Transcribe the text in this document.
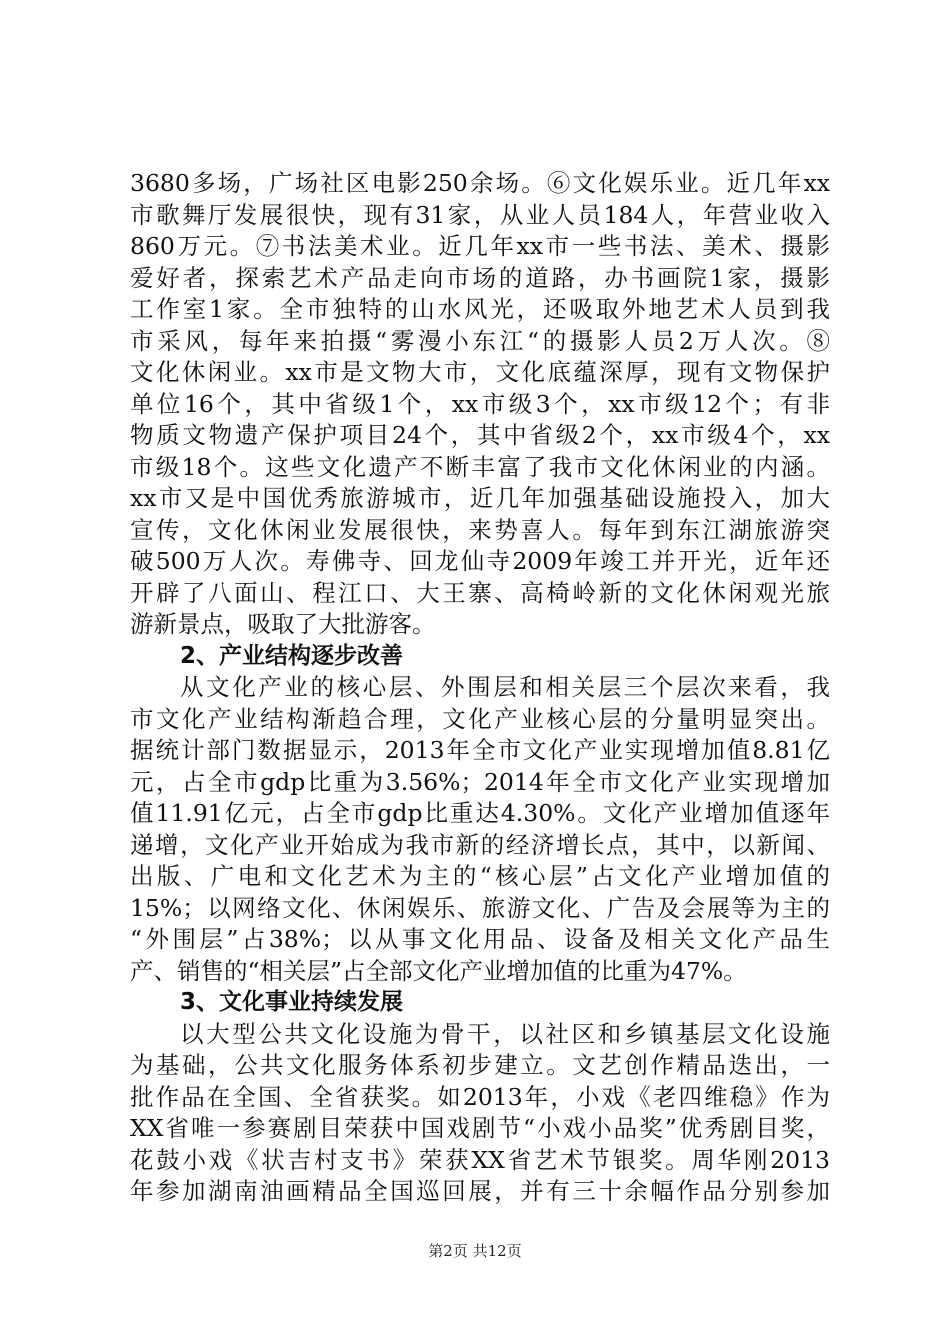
3680多场，广场社区电影250余场。⑥文化娱乐业。近几年xx
市歌舞厅发展很快，现有31家，从业人员184人，年营业收入
860万元。⑦书法美术业。近几年xx市一些书法、美术、摄影
爱好者，探索艺术产品走向市场的道路，办书画院1家，摄影
工作室1家。全市独特的山水风光，还吸取外地艺术人员到我
市采风，每年来拍摄“雾漫小东江“的摄影人员2万人次。⑧
文化休闲业。xx市是文物大市，文化底蕴深厚，现有文物保护
单位16个，其中省级1个，xx市级3个，xx市级12个；有非
物质文物遗产保护项目24个，其中省级2个，xx市级4个，xx
市级18个。这些文化遗产不断丰富了我市文化休闲业的内涵。
xx市又是中国优秀旅游城市，近几年加强基础设施投入，加大
宣传，文化休闲业发展很快，来势喜人。每年到东江湖旅游突
破500万人次。寿佛寺、回龙仙寺2009年竣工并开光，近年还
开辟了八面山、程江口、大王寨、高椅岭新的文化休闲观光旅
游新景点，吸取了大批游客。
2、产业结构逐步改善
从文化产业的核心层、外围层和相关层三个层次来看，我
市文化产业结构渐趋合理，文化产业核心层的分量明显突出。
据统计部门数据显示，2013年全市文化产业实现增加值8.81亿
元，占全市gdp比重为3.56%；2014年全市文化产业实现增加
值11.91亿元，占全市gdp比重达4.30%。文化产业增加值逐年
递增，文化产业开始成为我市新的经济增长点，其中，以新闻、
出版、广电和文化艺术为主的“核心层”占文化产业增加值的
15%；以网络文化、休闲娱乐、旅游文化、广告及会展等为主的
“外围层”占38%；以从事文化用品、设备及相关文化产品生
产、销售的“相关层”占全部文化产业增加值的比重为47%。
3、文化事业持续发展
以大型公共文化设施为骨干，以社区和乡镇基层文化设施
为基础，公共文化服务体系初步建立。文艺创作精品迭出，一
批作品在全国、全省获奖。如2013年，小戏《老四维稳》作为
XX省唯一参赛剧目荣获中国戏剧节“小戏小品奖”优秀剧目奖，
花鼓小戏《状吉村支书》荣获XX省艺术节银奖。周华刚2013
年参加湖南油画精品全国巡回展，并有三十余幅作品分别参加
第2页 共12页
